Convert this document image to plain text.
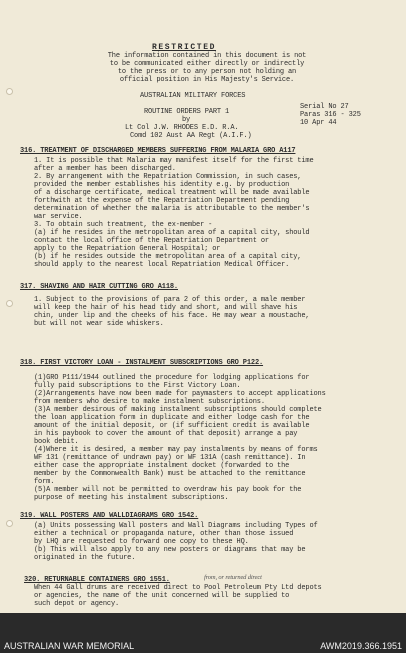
RESTRICTED
The information contained in this document is not
to be communicated either directly or indirectly
to the press or to any person not holding an
official position in His Majesty's Service.
AUSTRALIAN MILITARY FORCES
ROUTINE ORDERS PART 1
by
Lt Col J.W. RHODES E.D. R.A.
Comd 102 Aust AA Regt (A.I.F.)
Serial No 27
Paras 316 - 325
10 Apr 44
316. TREATMENT OF DISCHARGED MEMBERS SUFFERING FROM MALARIA GRO A117
1. It is possible that Malaria may manifest itself for the first time
after a member has been discharged.
2. By arrangement with the Repatriation Commission, in such cases,
provided the member establishes his identity e.g. by production
of a discharge certificate, medical treatment will be made available
forthwith at the expense of the Repatriation Department pending
determination of whether the malaria is attributable to the member's
war service.
3. To obtain such treatment, the ex-member -
(a) if he resides in the metropolitan area of a capital city, should
contact the local office of the Repatriation Department or
apply to the Repatriation General Hospital; or
(b) if he resides outside the metropolitan area of a capital city,
should apply to the nearest local Repatriation Medical Officer.
317. SHAVING AND HAIR CUTTING GRO A118.
1. Subject to the provisions of para 2 of this order, a male member
will keep the hair of his head tidy and short, and will shave his
chin, under lip and the cheeks of his face. He may wear a moustache,
but will not wear side whiskers.
318. FIRST VICTORY LOAN - INSTALMENT SUBSCRIPTIONS GRO P122.
(1)GRO P111/1944 outlined the procedure for lodging applications for
fully paid subscriptions to the First Victory Loan.
(2)Arrangements have now been made for paymasters to accept applications
from members who desire to make instalment subscriptions.
(3)A member desirous of making instalment subscriptions should complete
the loan application form in duplicate and either lodge cash for the
amount of the initial deposit, or (if sufficient credit is available
in his paybook to cover the amount of that deposit) arrange a pay
book debit.
(4)Where it is desired, a member may pay instalments by means of forms
WF 131 (remittance of undrawn pay) or WF 131A (cash remittance). In
either case the appropriate instalment docket (forwarded to the
member by the Commonwealth Bank) must be attached to the remittance
form.
(5)A member will not be permitted to overdraw his pay book for the
purpose of meeting his instalment subscriptions.
319. WALL POSTERS AND WALLDIAGRAMS GRO 1542.
(a) Units possessing Wall posters and Wall Diagrams including Types of
either a technical or propaganda nature, other than those issued
by LHQ are requested to forward one copy to these HQ.
(b) This will also apply to any new posters or diagrams that may be
originated in the future.
from, or returned direct
320. RETURNABLE CONTAINERS GRO 1551.
When 44 Gall drums are received direct to Pool Petroleum Pty Ltd depots
or agencies, the name of the unit concerned will be supplied to
such depot or agency.
AUSTRALIAN WAR MEMORIAL	AWM2019.366.1951
